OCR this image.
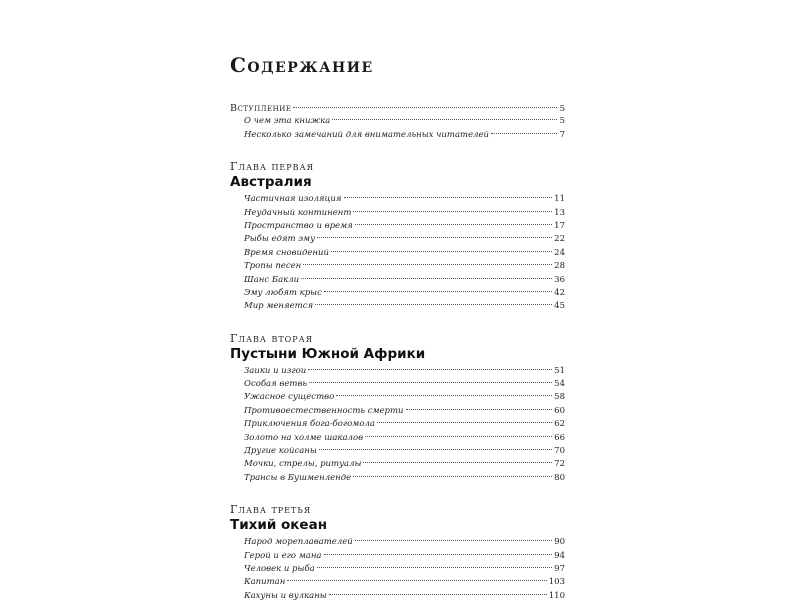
Содержание
Вступление	5
О чем эта книжка	5
Несколько замечаний для внимательных читателей	7
Глава первая
Австралия
Частичная изоляция	11
Неудачный континент	13
Пространство и время	17
Рыбы едят эму	22
Время сновидений	24
Тропы песен	28
Шанс Бакли	36
Эму любят крыс	42
Мир меняется	45
Глава вторая
Пустыни Южной Африки
Заики и изгои	51
Особая ветвь	54
Ужасное существо	58
Противоестественность смерти	60
Приключения бога-богомола	62
Золото на холме шакалов	66
Другие койсаны	70
Мочки, стрелы, ритуалы	72
Трансы в Бушменленде	80
Глава третья
Тихий океан
Народ мореплавателей	90
Герой и его мана	94
Человек и рыба	97
Капитан	103
Кахуны и вулканы	110
